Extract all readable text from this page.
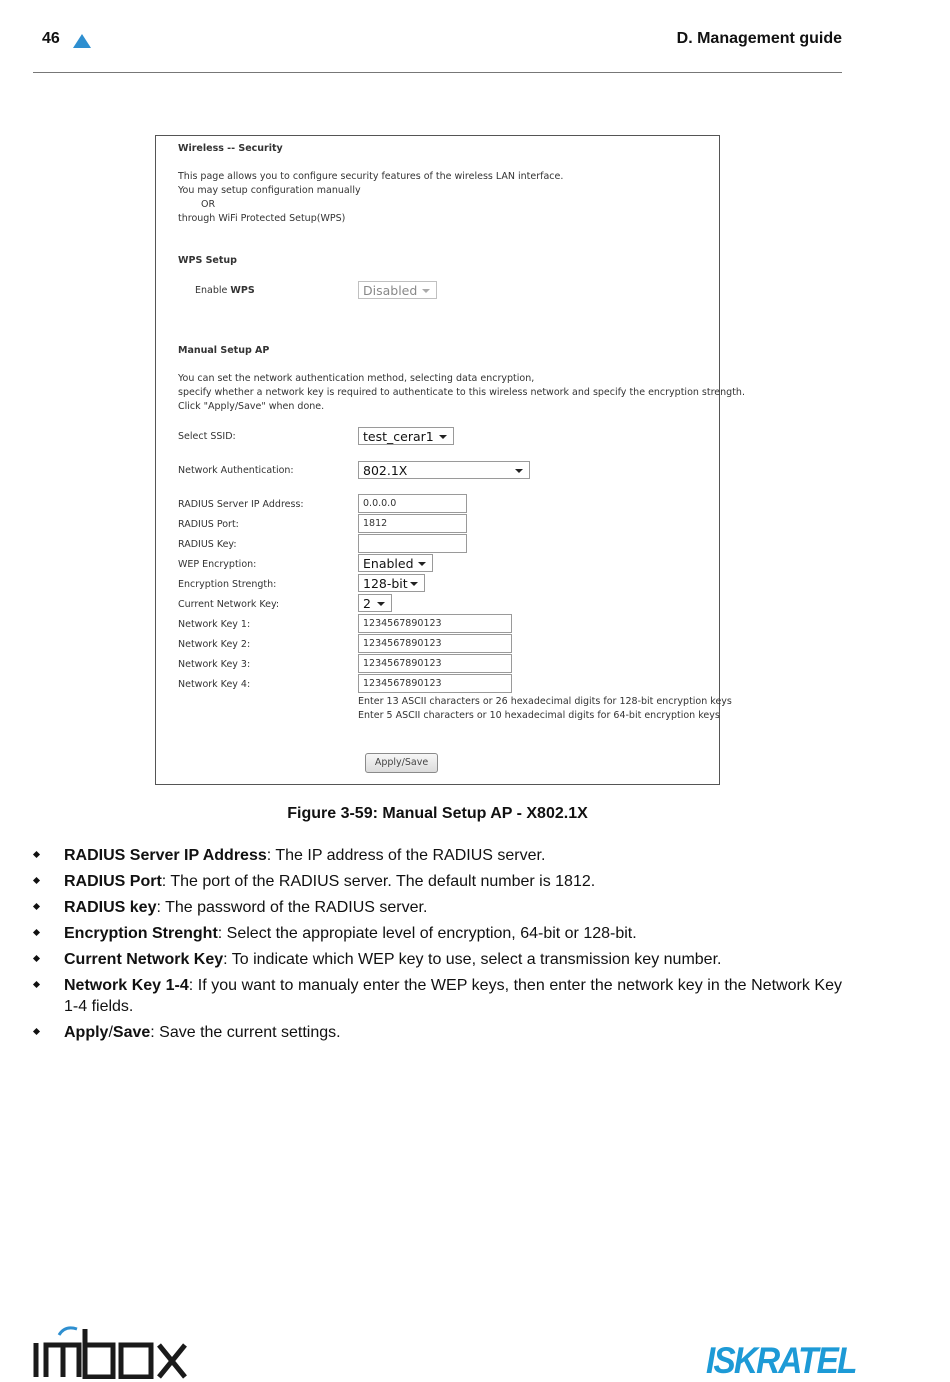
46	D. Management guide
Wireless -- Security
This page allows you to configure security features of the wireless LAN interface.
You may setup configuration manually
OR
through WiFi Protected Setup(WPS)
WPS Setup
Enable WPS	Disabled
Manual Setup AP
You can set the network authentication method, selecting data encryption,
specify whether a network key is required to authenticate to this wireless network and specify the encryption strength.
Click "Apply/Save" when done.
Select SSID:	test_cerar1
Network Authentication:	802.1X
RADIUS Server IP Address:	0.0.0.0
RADIUS Port:	1812
RADIUS Key:
WEP Encryption:	Enabled
Encryption Strength:	128-bit
Current Network Key:	2
Network Key 1:	1234567890123
Network Key 2:	1234567890123
Network Key 3:	1234567890123
Network Key 4:	1234567890123
Enter 13 ASCII characters or 26 hexadecimal digits for 128-bit encryption keys
Enter 5 ASCII characters or 10 hexadecimal digits for 64-bit encryption keys
Apply/Save
Figure 3-59: Manual Setup AP - X802.1X
RADIUS Server IP Address: The IP address of the RADIUS server.
RADIUS Port: The port of the RADIUS server. The default number is 1812.
RADIUS key: The password of the RADIUS server.
Encryption Strenght: Select the appropiate level of encryption, 64-bit or 128-bit.
Current Network Key: To indicate which WEP key to use, select a transmission key number.
Network Key 1-4: If you want to manualy enter the WEP keys, then enter the network key in the Network Key 1-4 fields.
Apply/Save: Save the current settings.
ISKRATEL
